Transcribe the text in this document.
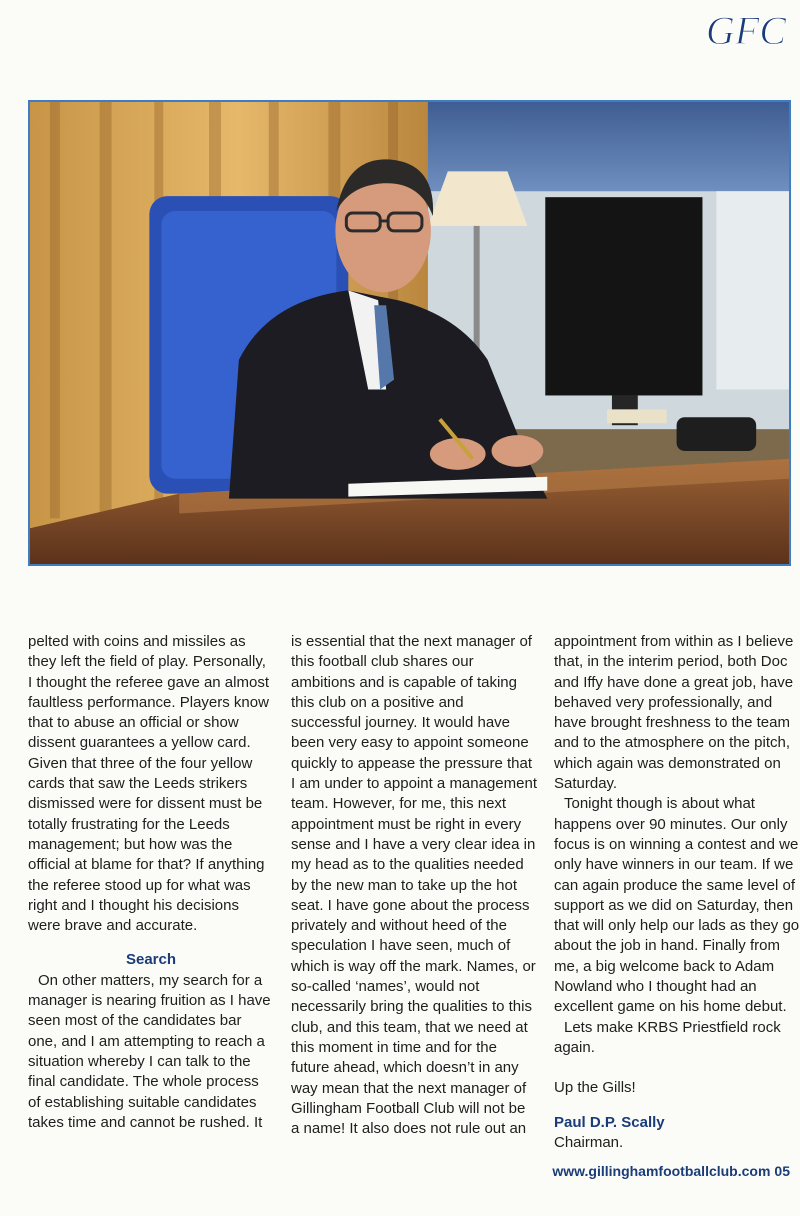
GFC

pelted with coins and missiles as they left the field of play. Personally, I thought the referee gave an almost faultless performance. Players know that to abuse an official or show dissent guarantees a yellow card. Given that three of the four yellow cards that saw the Leeds strikers dismissed were for dissent must be totally frustrating for the Leeds management; but how was the official at blame for that? If anything the referee stood up for what was right and I thought his decisions were brave and accurate.

Search

On other matters, my search for a manager is nearing fruition as I have seen most of the candidates bar one, and I am attempting to reach a situation whereby I can talk to the final candidate. The whole process of establishing suitable candidates takes time and cannot be rushed. It

is essential that the next manager of this football club shares our ambitions and is capable of taking this club on a positive and successful journey. It would have been very easy to appoint someone quickly to appease the pressure that I am under to appoint a management team. However, for me, this next appointment must be right in every sense and I have a very clear idea in my head as to the qualities needed by the new man to take up the hot seat. I have gone about the process privately and without heed of the speculation I have seen, much of which is way off the mark. Names, or so-called ‘names’, would not necessarily bring the qualities to this club, and this team, that we need at this moment in time and for the future ahead, which doesn’t in any way mean that the next manager of Gillingham Football Club will not be a name! It also does not rule out an

appointment from within as I believe that, in the interim period, both Doc and Iffy have done a great job, have behaved very professionally, and have brought freshness to the team and to the atmosphere on the pitch, which again was demonstrated on Saturday.

Tonight though is about what happens over 90 minutes. Our only focus is on winning a contest and we only have winners in our team. If we can again produce the same level of support as we did on Saturday, then that will only help our lads as they go about the job in hand. Finally from me, a big welcome back to Adam Nowland who I thought had an excellent game on his home debut.

Lets make KRBS Priestfield rock again.

Up the Gills!

Paul D.P. Scally

Chairman.

www.gillinghamfootballclub.com 05
